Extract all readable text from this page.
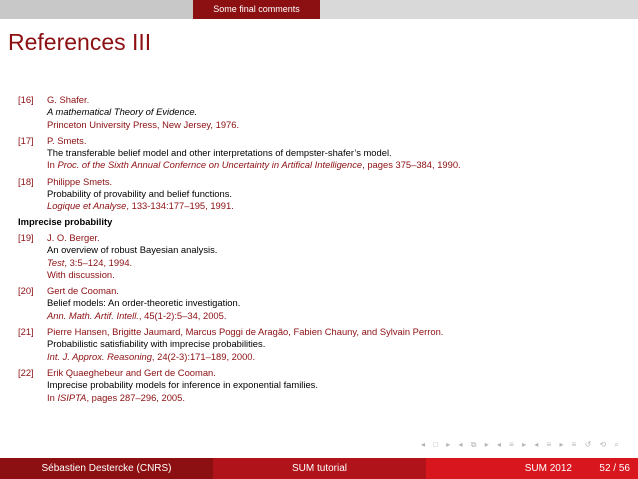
Some final comments
References III
[16] G. Shafer.
A mathematical Theory of Evidence.
Princeton University Press, New Jersey, 1976.
[17] P. Smets.
The transferable belief model and other interpretations of dempster-shafer’s model.
In Proc. of the Sixth Annual Confernce on Uncertainty in Artifical Intelligence, pages 375–384, 1990.
[18] Philippe Smets.
Probability of provability and belief functions.
Logique et Analyse, 133-134:177–195, 1991.
Imprecise probability
[19] J. O. Berger.
An overview of robust Bayesian analysis.
Test, 3:5–124, 1994.
With discussion.
[20] Gert de Cooman.
Belief models: An order-theoretic investigation.
Ann. Math. Artif. Intell., 45(1-2):5–34, 2005.
[21] Pierre Hansen, Brigitte Jaumard, Marcus Poggi de Aragão, Fabien Chauny, and Sylvain Perron.
Probabilistic satisfiability with imprecise probabilities.
Int. J. Approx. Reasoning, 24(2-3):171–189, 2000.
[22] Erik Quaeghebeur and Gert de Cooman.
Imprecise probability models for inference in exponential families.
In ISIPTA, pages 287–296, 2005.
◂ □ ▸ ◂ ⧉ ▸ ◂ ≡ ▸ ◂ ≡ ▸ ≡ ↺ ⟲ ⌕
Sébastien Destercke (CNRS)	SUM tutorial	SUM 2012	52 / 56
